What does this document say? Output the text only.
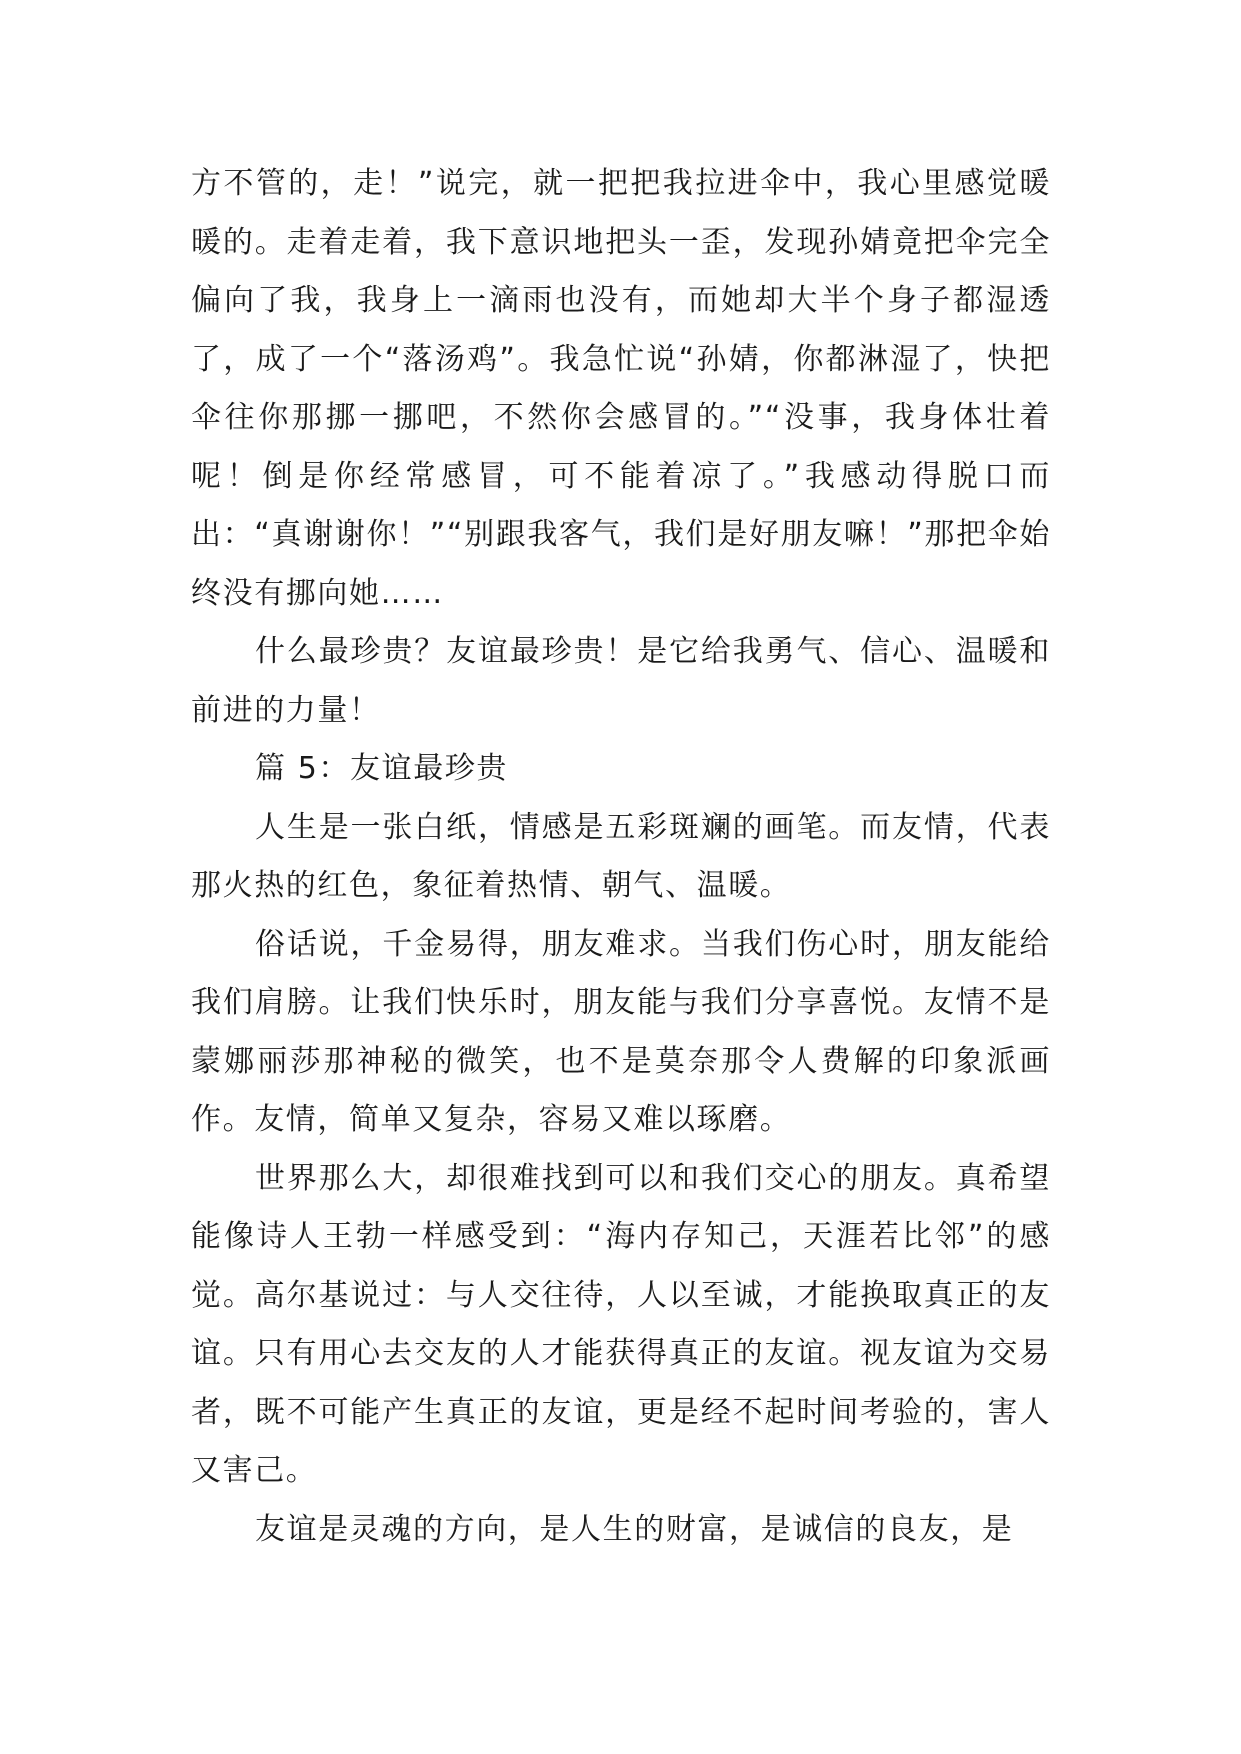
方不管的，走！”说完，就一把把我拉进伞中，我心里感觉暖暖的。走着走着，我下意识地把头一歪，发现孙婧竟把伞完全偏向了我，我身上一滴雨也没有，而她却大半个身子都湿透了，成了一个“落汤鸡”。我急忙说“孙婧，你都淋湿了，快把伞往你那挪一挪吧，不然你会感冒的。”“没事，我身体壮着呢！倒是你经常感冒，可不能着凉了。”我感动得脱口而出：“真谢谢你！”“别跟我客气，我们是好朋友嘛！”那把伞始终没有挪向她……

什么最珍贵？友谊最珍贵！是它给我勇气、信心、温暖和前进的力量！

篇 5：友谊最珍贵

人生是一张白纸，情感是五彩斑斓的画笔。而友情，代表那火热的红色，象征着热情、朝气、温暖。

俗话说，千金易得，朋友难求。当我们伤心时，朋友能给我们肩膀。让我们快乐时，朋友能与我们分享喜悦。友情不是蒙娜丽莎那神秘的微笑，也不是莫奈那令人费解的印象派画作。友情，简单又复杂，容易又难以琢磨。

世界那么大，却很难找到可以和我们交心的朋友。真希望能像诗人王勃一样感受到：“海内存知己，天涯若比邻”的感觉。高尔基说过：与人交往待，人以至诚，才能换取真正的友谊。只有用心去交友的人才能获得真正的友谊。视友谊为交易者，既不可能产生真正的友谊，更是经不起时间考验的，害人又害己。

友谊是灵魂的方向，是人生的财富，是诚信的良友，是
